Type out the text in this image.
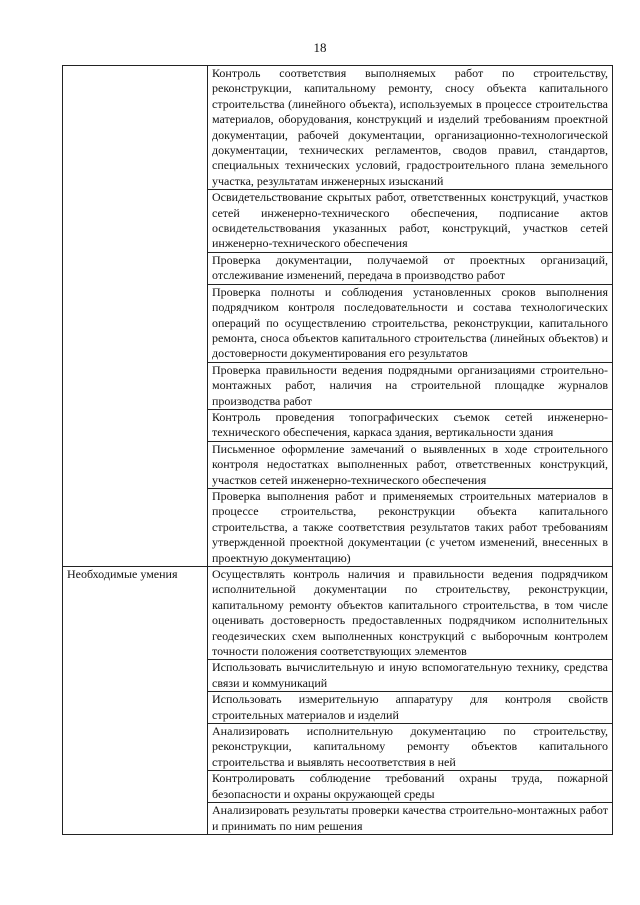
18

	Контроль соответствия выполняемых работ по строительству, реконструкции, капитальному ремонту, сносу объекта капитального строительства (линейного объекта), используемых в процессе строительства материалов, оборудования, конструкций и изделий требованиям проектной документации, рабочей документации, организационно-технологической документации, технических регламентов, сводов правил, стандартов, специальных технических условий, градостроительного плана земельного участка, результатам инженерных изысканий

	Освидетельствование скрытых работ, ответственных конструкций, участков сетей инженерно-технического обеспечения, подписание актов освидетельствования указанных работ, конструкций, участков сетей инженерно-технического обеспечения

	Проверка документации, получаемой от проектных организаций, отслеживание изменений, передача в производство работ

	Проверка полноты и соблюдения установленных сроков выполнения подрядчиком контроля последовательности и состава технологических операций по осуществлению строительства, реконструкции, капитального ремонта, сноса объектов капитального строительства (линейных объектов) и достоверности документирования его результатов

	Проверка правильности ведения подрядными организациями строительно-монтажных работ, наличия на строительной площадке журналов производства работ

	Контроль проведения топографических съемок сетей инженерно-технического обеспечения, каркаса здания, вертикальности здания

	Письменное оформление замечаний о выявленных в ходе строительного контроля недостатках выполненных работ, ответственных конструкций, участков сетей инженерно-технического обеспечения

	Проверка выполнения работ и применяемых строительных материалов в процессе строительства, реконструкции объекта капитального строительства, а также соответствия результатов таких работ требованиям утвержденной проектной документации (с учетом изменений, внесенных в проектную документацию)

Необходимые умения	Осуществлять контроль наличия и правильности ведения подрядчиком исполнительной документации по строительству, реконструкции, капитальному ремонту объектов капитального строительства, в том числе оценивать достоверность предоставленных подрядчиком исполнительных геодезических схем выполненных конструкций с выборочным контролем точности положения соответствующих элементов

	Использовать вычислительную и иную вспомогательную технику, средства связи и коммуникаций

	Использовать измерительную аппаратуру для контроля свойств строительных материалов и изделий

	Анализировать исполнительную документацию по строительству, реконструкции, капитальному ремонту объектов капитального строительства и выявлять несоответствия в ней

	Контролировать соблюдение требований охраны труда, пожарной безопасности и охраны окружающей среды

	Анализировать результаты проверки качества строительно-монтажных работ и принимать по ним решения
